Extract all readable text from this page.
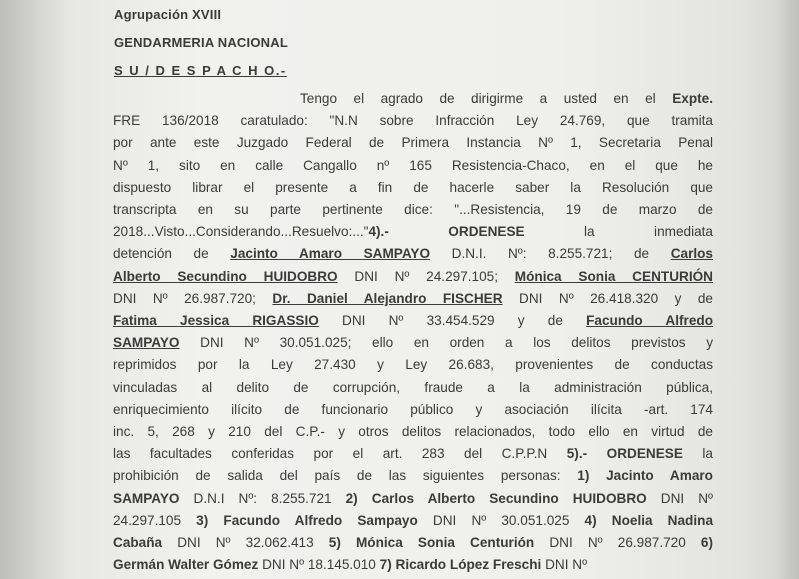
Agrupación XVIII
GENDARMERIA NACIONAL
S U / D E S P A C H O.-
Tengo el agrado de dirigirme a usted en el Expte.
FRE 136/2018 caratulado: "N.N sobre Infracción Ley 24.769, que tramita
por ante este Juzgado Federal de Primera Instancia Nº 1, Secretaria Penal
Nº 1, sito en calle Cangallo nº 165 Resistencia-Chaco, en el que he
dispuesto librar el presente a fin de hacerle saber la Resolución que
transcripta en su parte pertinente dice: "...Resistencia, 19 de marzo de
2018...Visto...Considerando...Resuelvo:..."4).- ORDENESE la inmediata
detención de Jacinto Amaro SAMPAYO D.N.I. Nº: 8.255.721; de Carlos
Alberto Secundino HUIDOBRO DNI Nº 24.297.105; Mónica Sonia CENTURIÓN
DNI Nº 26.987.720; Dr. Daniel Alejandro FISCHER DNI Nº 26.418.320 y de
Fatima Jessica RIGASSIO DNI Nº 33.454.529 y de Facundo Alfredo
SAMPAYO DNI Nº 30.051.025; ello en orden a los delitos previstos y
reprimidos por la Ley 27.430 y Ley 26.683, provenientes de conductas
vinculadas al delito de corrupción, fraude a la administración pública,
enriquecimiento ilícito de funcionario público y asociación ilícita -art. 174
inc. 5, 268 y 210 del C.P.- y otros delitos relacionados, todo ello en virtud de
las facultades conferidas por el art. 283 del C.P.P.N 5).- ORDENESE la
prohibición de salida del país de las siguientes personas: 1) Jacinto Amaro
SAMPAYO D.N.I Nº: 8.255.721 2) Carlos Alberto Secundino HUIDOBRO DNI Nº
24.297.105 3) Facundo Alfredo Sampayo DNI Nº 30.051.025 4) Noelia Nadina
Cabaña DNI Nº 32.062.413 5) Mónica Sonia Centurión DNI Nº 26.987.720 6)
Germán Walter Gómez DNI Nº 18.145.010 7) Ricardo López Freschi DNI Nº
